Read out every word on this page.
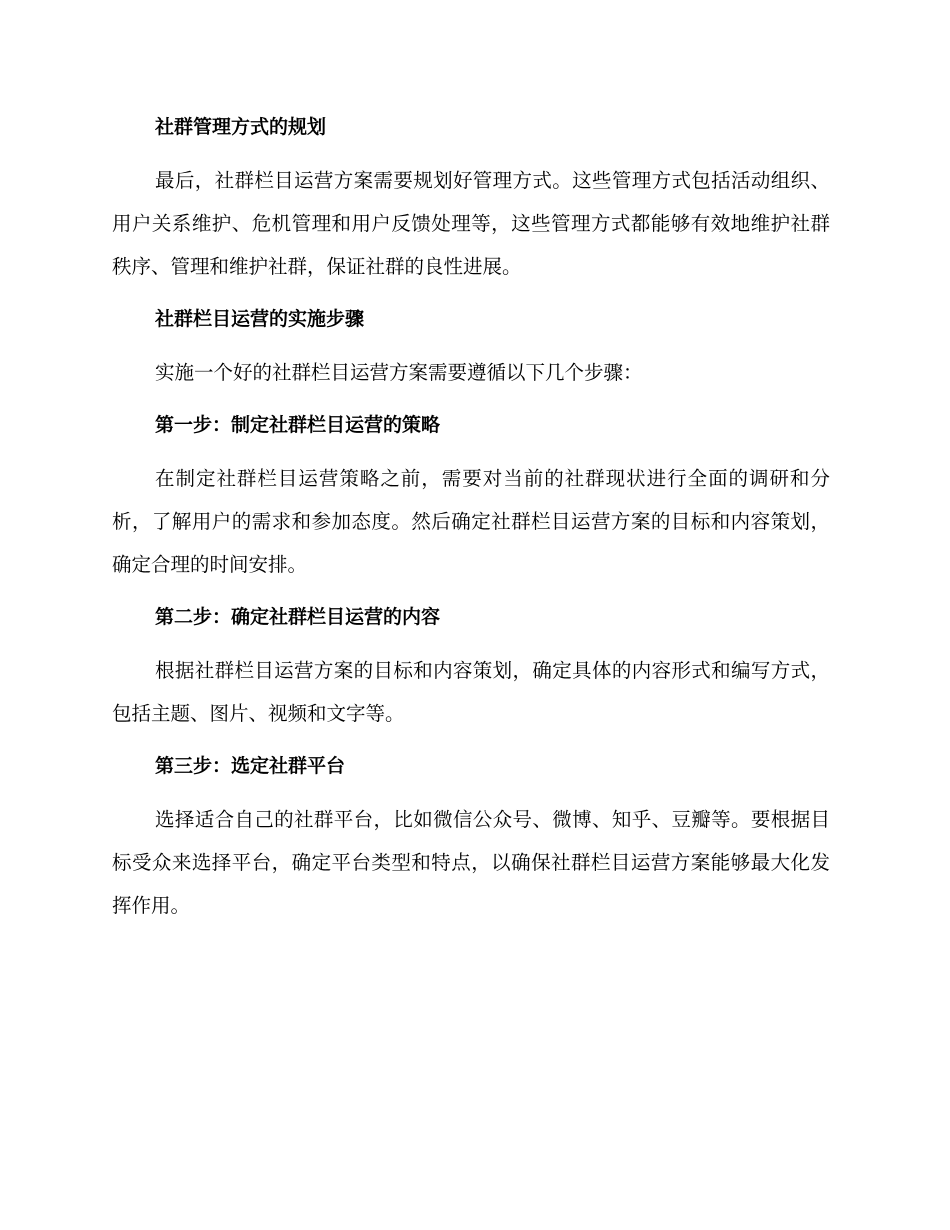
社群管理方式的规划

最后，社群栏目运营方案需要规划好管理方式。这些管理方式包括活动组织、用户关系维护、危机管理和用户反馈处理等，这些管理方式都能够有效地维护社群秩序、管理和维护社群，保证社群的良性进展。

社群栏目运营的实施步骤

实施一个好的社群栏目运营方案需要遵循以下几个步骤：

第一步：制定社群栏目运营的策略

在制定社群栏目运营策略之前，需要对当前的社群现状进行全面的调研和分析，了解用户的需求和参加态度。然后确定社群栏目运营方案的目标和内容策划，确定合理的时间安排。

第二步：确定社群栏目运营的内容

根据社群栏目运营方案的目标和内容策划，确定具体的内容形式和编写方式，包括主题、图片、视频和文字等。

第三步：选定社群平台

选择适合自己的社群平台，比如微信公众号、微博、知乎、豆瓣等。要根据目标受众来选择平台，确定平台类型和特点，以确保社群栏目运营方案能够最大化发挥作用。
